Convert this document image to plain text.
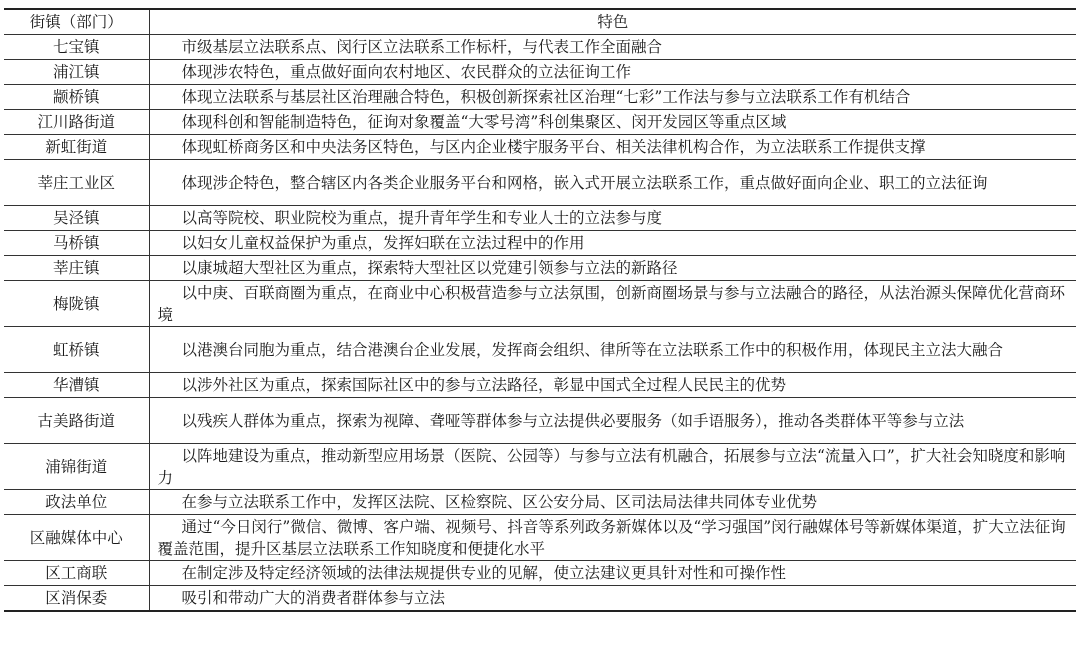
街镇（部门）	特色
七宝镇	市级基层立法联系点、闵行区立法联系工作标杆，与代表工作全面融合
浦江镇	体现涉农特色，重点做好面向农村地区、农民群众的立法征询工作
颛桥镇	体现立法联系与基层社区治理融合特色，积极创新探索社区治理“七彩”工作法与参与立法联系工作有机结合
江川路街道	体现科创和智能制造特色，征询对象覆盖“大零号湾”科创集聚区、闵开发园区等重点区域
新虹街道	体现虹桥商务区和中央法务区特色，与区内企业楼宇服务平台、相关法律机构合作，为立法联系工作提供支撑
莘庄工业区	体现涉企特色，整合辖区内各类企业服务平台和网格，嵌入式开展立法联系工作，重点做好面向企业、职工的立法征询
吴泾镇	以高等院校、职业院校为重点，提升青年学生和专业人士的立法参与度
马桥镇	以妇女儿童权益保护为重点，发挥妇联在立法过程中的作用
莘庄镇	以康城超大型社区为重点，探索特大型社区以党建引领参与立法的新路径
梅陇镇	以中庚、百联商圈为重点，在商业中心积极营造参与立法氛围，创新商圈场景与参与立法融合的路径，从法治源头保障优化营商环境
虹桥镇	以港澳台同胞为重点，结合港澳台企业发展，发挥商会组织、律所等在立法联系工作中的积极作用，体现民主立法大融合
华漕镇	以涉外社区为重点，探索国际社区中的参与立法路径，彰显中国式全过程人民民主的优势
古美路街道	以残疾人群体为重点，探索为视障、聋哑等群体参与立法提供必要服务（如手语服务），推动各类群体平等参与立法
浦锦街道	以阵地建设为重点，推动新型应用场景（医院、公园等）与参与立法有机融合，拓展参与立法“流量入口”，扩大社会知晓度和影响力
政法单位	在参与立法联系工作中，发挥区法院、区检察院、区公安分局、区司法局法律共同体专业优势
区融媒体中心	通过“今日闵行”微信、微博、客户端、视频号、抖音等系列政务新媒体以及“学习强国”闵行融媒体号等新媒体渠道，扩大立法征询覆盖范围，提升区基层立法联系工作知晓度和便捷化水平
区工商联	在制定涉及特定经济领域的法律法规提供专业的见解，使立法建议更具针对性和可操作性
区消保委	吸引和带动广大的消费者群体参与立法
